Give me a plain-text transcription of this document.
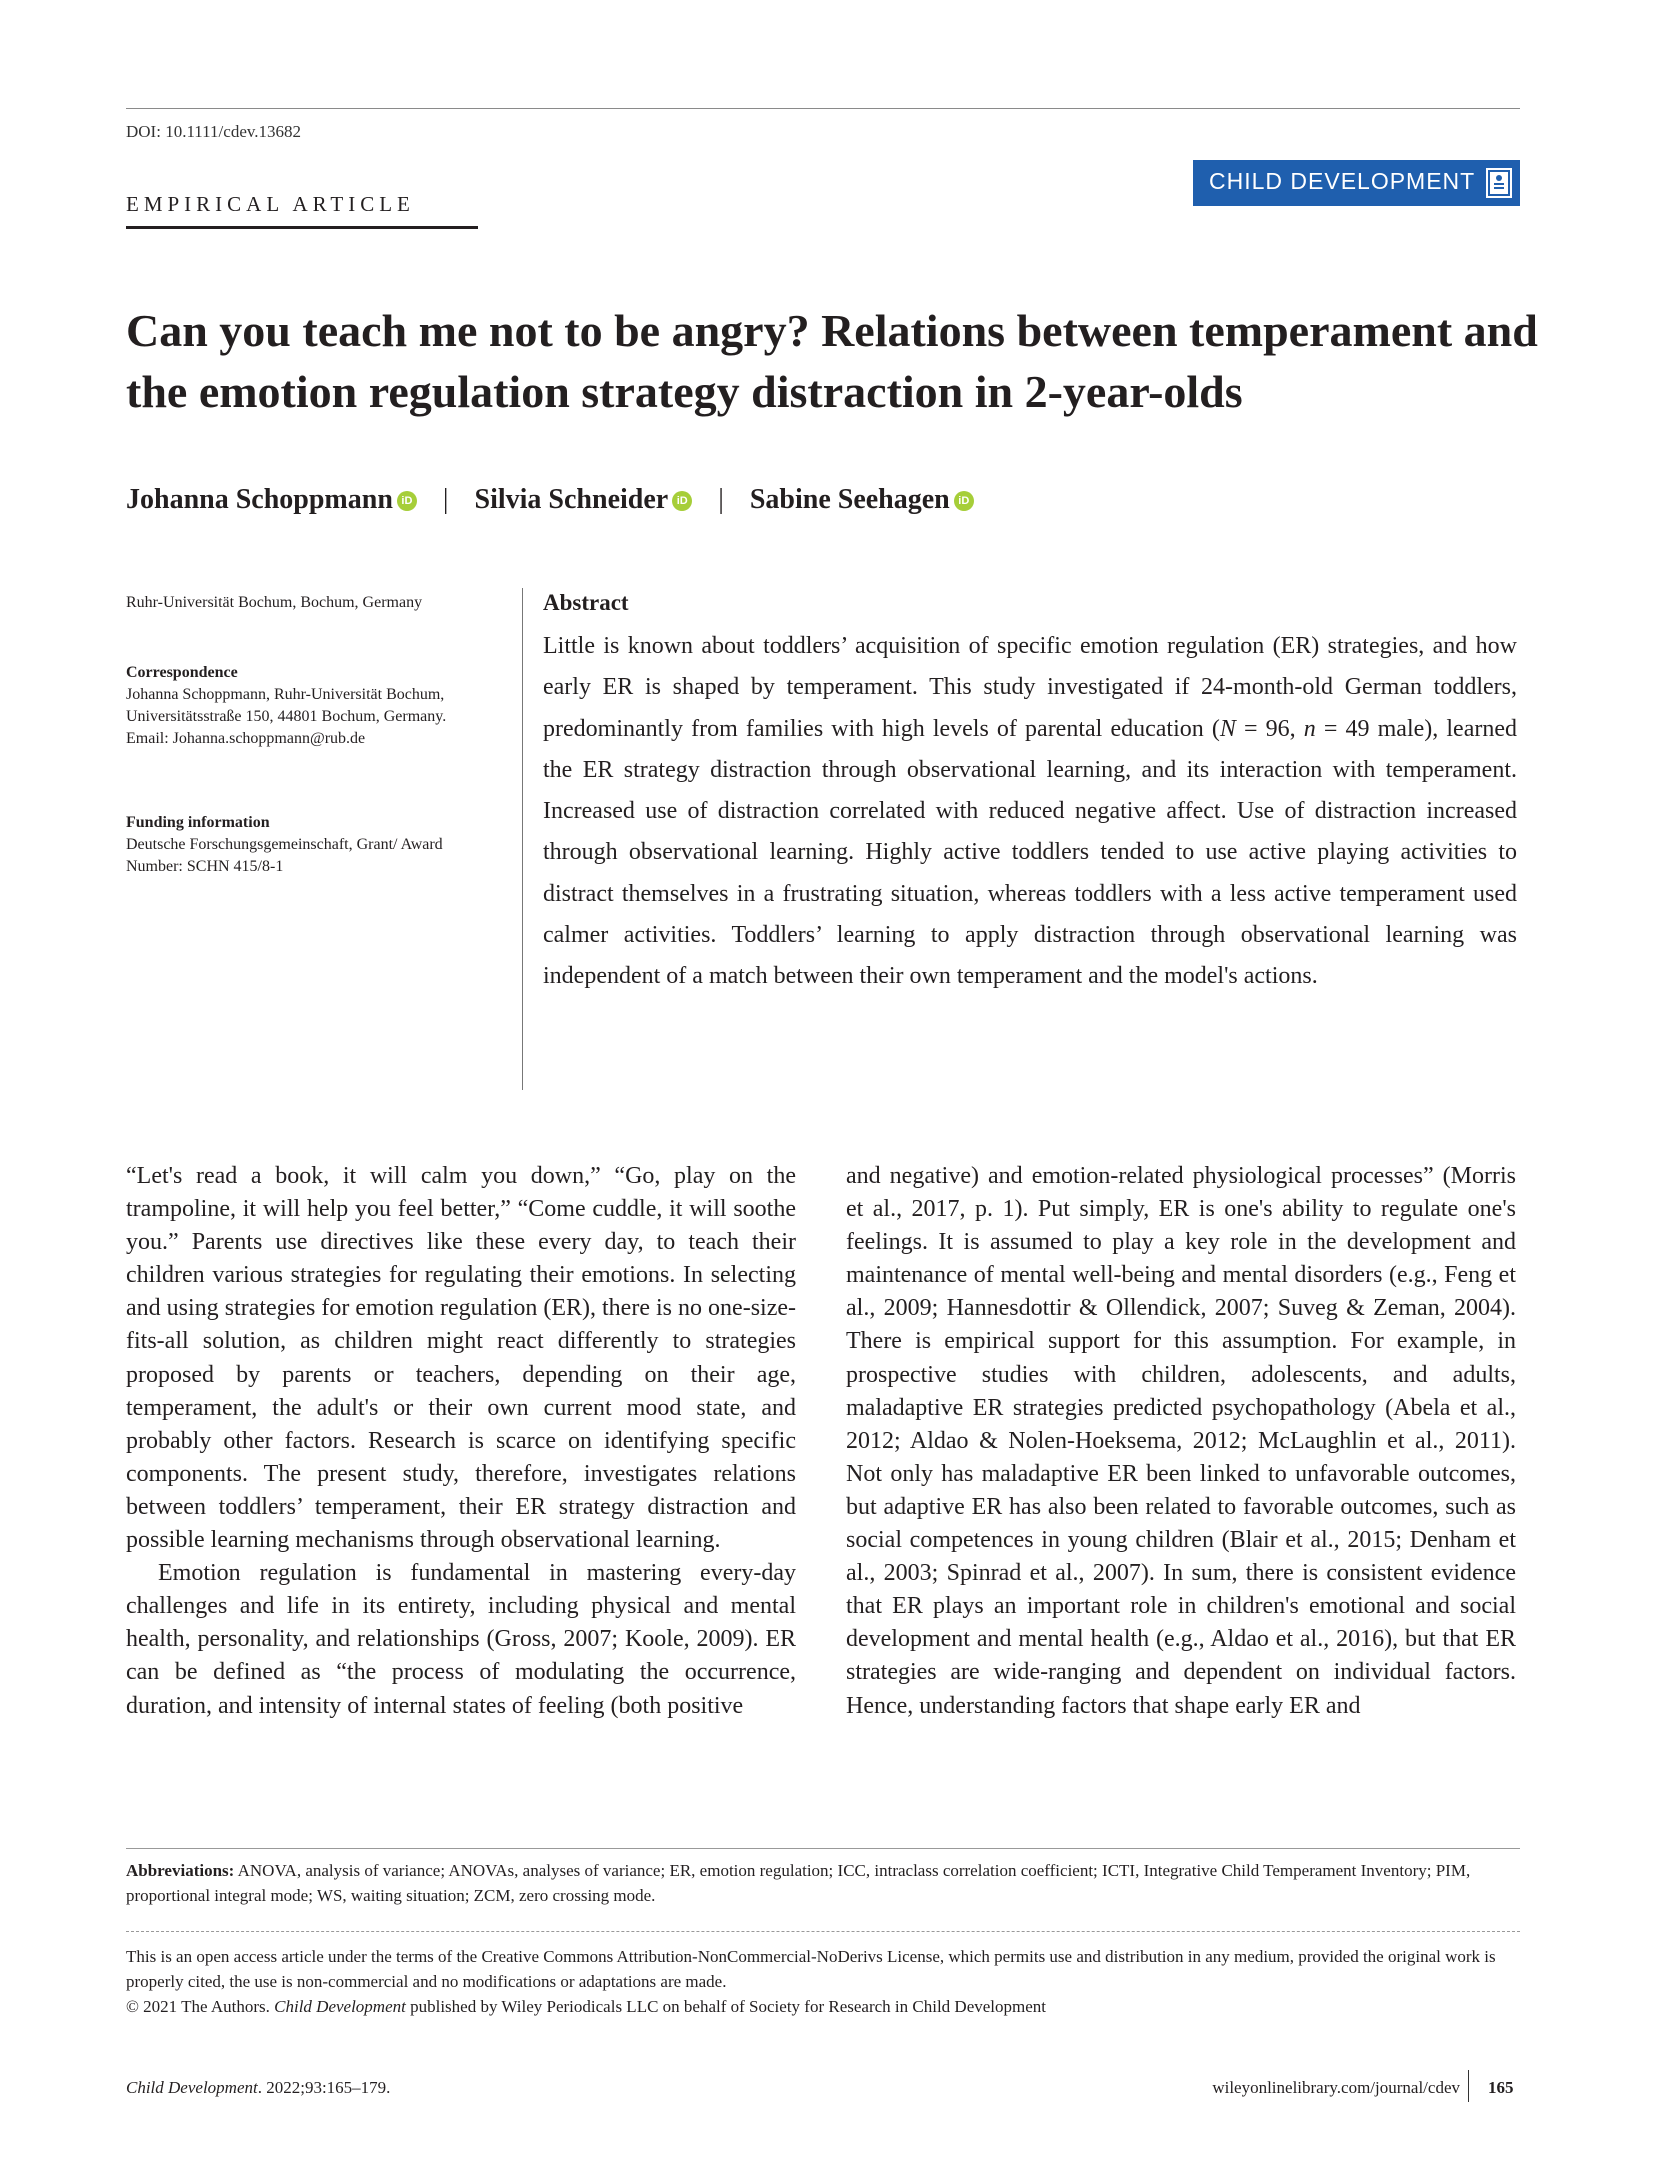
DOI: 10.1111/cdev.13682
EMPIRICAL ARTICLE
CHILD DEVELOPMENT
Can you teach me not to be angry? Relations between temperament and the emotion regulation strategy distraction in 2-year-olds
Johanna Schoppmann iD | Silvia Schneider iD | Sabine Seehagen iD
Ruhr-Universität Bochum, Bochum, Germany
Correspondence
Johanna Schoppmann, Ruhr-Universität Bochum, Universitätsstraße 150, 44801 Bochum, Germany.
Email: Johanna.schoppmann@rub.de
Funding information
Deutsche Forschungsgemeinschaft, Grant/ Award Number: SCHN 415/8-1
Abstract

Little is known about toddlers’ acquisition of specific emotion regulation (ER) strategies, and how early ER is shaped by temperament. This study investigated if 24-month-old German toddlers, predominantly from families with high levels of parental education (N = 96, n = 49 male), learned the ER strategy distraction through observational learning, and its interaction with temperament. Increased use of distraction correlated with reduced negative affect. Use of distraction increased through observational learning. Highly active toddlers tended to use active playing activities to distract themselves in a frustrating situation, whereas toddlers with a less active temperament used calmer activities. Toddlers’ learning to apply distraction through observational learning was independent of a match between their own temperament and the model's actions.

“Let's read a book, it will calm you down,” “Go, play on the trampoline, it will help you feel better,” “Come cuddle, it will soothe you.” Parents use directives like these every day, to teach their children various strategies for regulating their emotions. In selecting and using strategies for emotion regulation (ER), there is no one-size-fits-all solution, as children might react differently to strategies proposed by parents or teachers, depending on their age, temperament, the adult's or their own current mood state, and probably other factors. Research is scarce on identifying specific components. The present study, therefore, investigates relations between toddlers’ temperament, their ER strategy distraction and possible learning mechanisms through observational learning.

Emotion regulation is fundamental in mastering every-day challenges and life in its entirety, including physical and mental health, personality, and relationships (Gross, 2007; Koole, 2009). ER can be defined as “the process of modulating the occurrence, duration, and intensity of internal states of feeling (both positive

and negative) and emotion-related physiological processes” (Morris et al., 2017, p. 1). Put simply, ER is one's ability to regulate one's feelings. It is assumed to play a key role in the development and maintenance of mental well-being and mental disorders (e.g., Feng et al., 2009; Hannesdottir & Ollendick, 2007; Suveg & Zeman, 2004). There is empirical support for this assumption. For example, in prospective studies with children, adolescents, and adults, maladaptive ER strategies predicted psychopathology (Abela et al., 2012; Aldao & Nolen-Hoeksema, 2012; McLaughlin et al., 2011). Not only has maladaptive ER been linked to unfavorable outcomes, but adaptive ER has also been related to favorable outcomes, such as social competences in young children (Blair et al., 2015; Denham et al., 2003; Spinrad et al., 2007). In sum, there is consistent evidence that ER plays an important role in children's emotional and social development and mental health (e.g., Aldao et al., 2016), but that ER strategies are wide-ranging and dependent on individual factors. Hence, understanding factors that shape early ER and

Abbreviations: ANOVA, analysis of variance; ANOVAs, analyses of variance; ER, emotion regulation; ICC, intraclass correlation coefficient; ICTI, Integrative Child Temperament Inventory; PIM, proportional integral mode; WS, waiting situation; ZCM, zero crossing mode.
This is an open access article under the terms of the Creative Commons Attribution-NonCommercial-NoDerivs License, which permits use and distribution in any medium, provided the original work is properly cited, the use is non-commercial and no modifications or adaptations are made.
© 2021 The Authors. Child Development published by Wiley Periodicals LLC on behalf of Society for Research in Child Development
Child Development. 2022;93:165–179.	wileyonlinelibrary.com/journal/cdev 165
